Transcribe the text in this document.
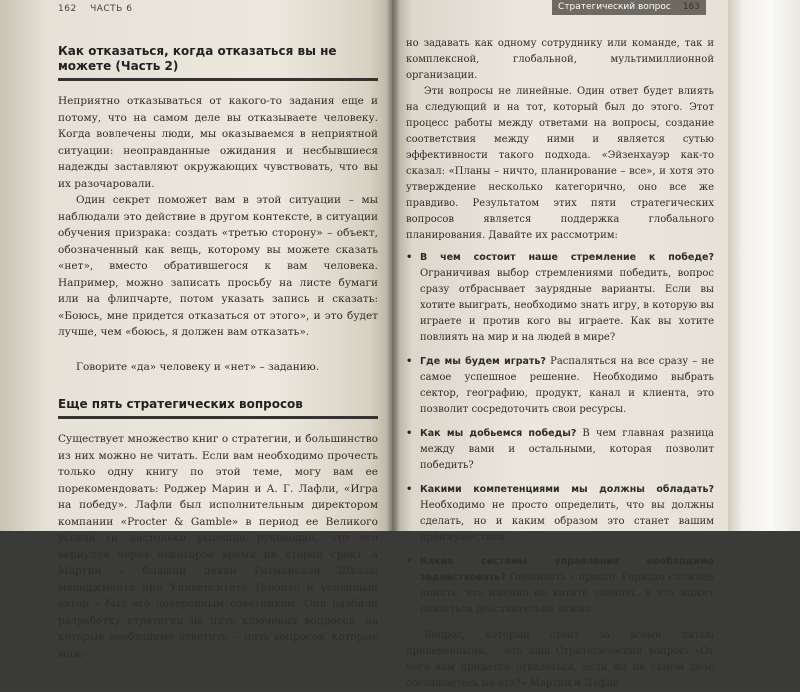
162 ЧАСТЬ 6
Как отказаться, когда отказаться вы не можете (Часть 2)

Неприятно отказываться от какого-то задания еще и потому, что на самом деле вы отказываете человеку. Когда вовлечены люди, мы оказываемся в неприятной ситуации: неоправданные ожидания и несбывшиеся надежды заставляют окружающих чувствовать, что вы их разочаровали.

Один секрет поможет вам в этой ситуации – мы наблюдали это действие в другом контексте, в ситуации обучения призрака: создать «третью сторону» – объект, обозначенный как вещь, которому вы можете сказать «нет», вместо обратившегося к вам человека. Например, можно записать просьбу на листе бумаги или на флипчарте, потом указать запись и сказать: «Боюсь, мне придется отказаться от этого», и это будет лучше, чем «боюсь, я должен вам отказать».

Говорите «да» человеку и «нет» – заданию.

Еще пять стратегических вопросов

Существует множество книг о стратегии, и большинство из них можно не читать. Если вам необходимо прочесть только одну книгу по этой теме, могу вам ее порекомендовать: Роджер Марин и А. Г. Лафли, «Игра на победу». Лафли был исполнительным директором компании «Procter & Gamble» в период ее Великого успеха (и настолько успешно руководил, что его вернулся через некоторое время на второй срок), а Мартин – бывший декан Ротманской Школы менеджмента при Университете Торонто и успешный автор – был его доверенным советником. Они разбили разработку стратегии на пять ключевых вопросов, на которые необходимо ответить, – пять вопросов, которые мож-

Стратегический вопрос 163

но задавать как одному сотруднику или команде, так и комплексной, глобальной, мультимиллионной организации.

Эти вопросы не линейные. Один ответ будет влиять на следующий и на тот, который был до этого. Этот процесс работы между ответами на вопросы, создание соответствия между ними и является сутью эффективности такого подхода. «Эйзенхауэр как-то сказал: «Планы – ничто, планирование – все», и хотя это утверждение несколько категорично, оно все же правдиво. Результатом этих пяти стратегических вопросов является поддержка глобального планирования. Давайте их рассмотрим:

• В чем состоит наше стремление к победе? Ограничивая выбор стремлениями победить, вопрос сразу отбрасывает заурядные варианты. Если вы хотите выиграть, необходимо знать игру, в которую вы играете и против кого вы играете. Как вы хотите повлиять на мир и на людей в мире?
• Где мы будем играть? Распаляться на все сразу – не самое успешное решение. Необходимо выбрать сектор, географию, продукт, канал и клиента, это позволит сосредоточить свои ресурсы.
• Как мы добьемся победы? В чем главная разница между вами и остальными, которая позволит победить?
• Какими компетенциями мы должны обладать? Необходимо не просто определить, что вы должны сделать, но и каким образом это станет вашим преимуществом.
• Какие системы управления необходимо задействовать? Оценивать – просто. Гораздо сложнее понять, что именно вы хотите оценить, и это может оказаться действительно важно.

Вопрос, который стоит за всеми пятью приведенными, – это наш Стратегический вопрос: «От чего вам придется отказаться, если вы на самом деле соглашаетесь на это?» Мартин и Лафли
